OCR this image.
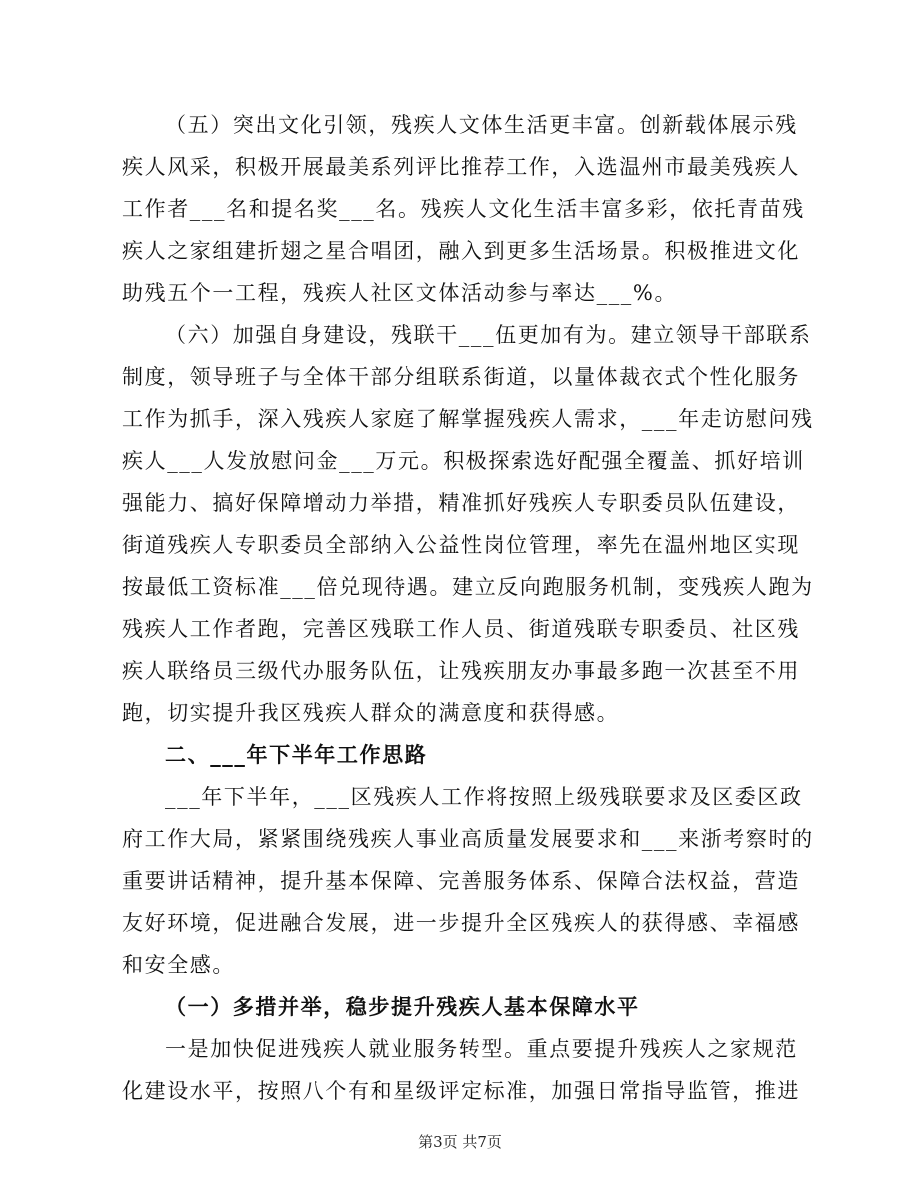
（五）突出文化引领，残疾人文体生活更丰富。创新载体展示残
疾人风采，积极开展最美系列评比推荐工作，入选温州市最美残疾人
工作者___名和提名奖___名。残疾人文化生活丰富多彩，依托青苗残
疾人之家组建折翅之星合唱团，融入到更多生活场景。积极推进文化
助残五个一工程，残疾人社区文体活动参与率达___%。
（六）加强自身建设，残联干___伍更加有为。建立领导干部联系
制度，领导班子与全体干部分组联系街道，以量体裁衣式个性化服务
工作为抓手，深入残疾人家庭了解掌握残疾人需求，___年走访慰问残
疾人___人发放慰问金___万元。积极探索选好配强全覆盖、抓好培训
强能力、搞好保障增动力举措，精准抓好残疾人专职委员队伍建设，
街道残疾人专职委员全部纳入公益性岗位管理，率先在温州地区实现
按最低工资标准___倍兑现待遇。建立反向跑服务机制，变残疾人跑为
残疾人工作者跑，完善区残联工作人员、街道残联专职委员、社区残
疾人联络员三级代办服务队伍，让残疾朋友办事最多跑一次甚至不用
跑，切实提升我区残疾人群众的满意度和获得感。
二、___年下半年工作思路
___年下半年，___区残疾人工作将按照上级残联要求及区委区政
府工作大局，紧紧围绕残疾人事业高质量发展要求和___来浙考察时的
重要讲话精神，提升基本保障、完善服务体系、保障合法权益，营造
友好环境，促进融合发展，进一步提升全区残疾人的获得感、幸福感
和安全感。
（一）多措并举，稳步提升残疾人基本保障水平
一是加快促进残疾人就业服务转型。重点要提升残疾人之家规范
化建设水平，按照八个有和星级评定标准，加强日常指导监管，推进
第3页 共7页
